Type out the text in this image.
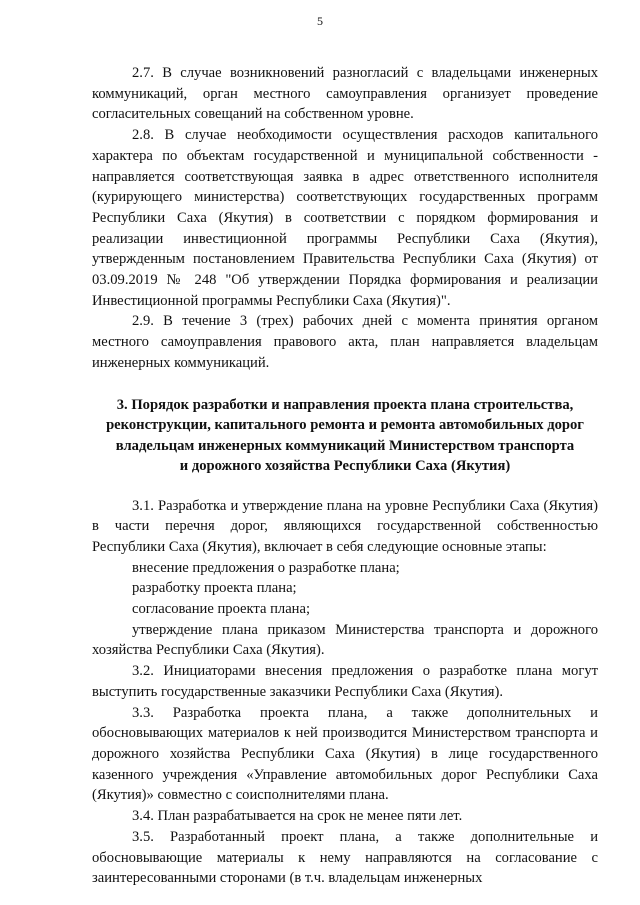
5

2.7. В случае возникновений разногласий с владельцами инженерных коммуникаций, орган местного самоуправления организует проведение согласительных совещаний на собственном уровне.

2.8. В случае необходимости осуществления расходов капитального характера по объектам государственной и муниципальной собственности - направляется соответствующая заявка в адрес ответственного исполнителя (курирующего министерства) соответствующих государственных программ Республики Саха (Якутия) в соответствии с порядком формирования и реализации инвестиционной программы Республики Саха (Якутия), утвержденным постановлением Правительства Республики Саха (Якутия) от 03.09.2019 № 248 "Об утверждении Порядка формирования и реализации Инвестиционной программы Республики Саха (Якутия)".

2.9. В течение 3 (трех) рабочих дней с момента принятия органом местного самоуправления правового акта, план направляется владельцам инженерных коммуникаций.

3. Порядок разработки и направления проекта плана строительства,
реконструкции, капитального ремонта и ремонта автомобильных дорог
владельцам инженерных коммуникаций Министерством транспорта
и дорожного хозяйства Республики Саха (Якутия)

3.1. Разработка и утверждение плана на уровне Республики Саха (Якутия) в части перечня дорог, являющихся государственной собственностью Республики Саха (Якутия), включает в себя следующие основные этапы:

внесение предложения о разработке плана;

разработку проекта плана;

согласование проекта плана;

утверждение плана приказом Министерства транспорта и дорожного хозяйства Республики Саха (Якутия).

3.2. Инициаторами внесения предложения о разработке плана могут выступить государственные заказчики Республики Саха (Якутия).

3.3. Разработка проекта плана, а также дополнительных и обосновывающих материалов к ней производится Министерством транспорта и дорожного хозяйства Республики Саха (Якутия) в лице государственного казенного учреждения «Управление автомобильных дорог Республики Саха (Якутия)» совместно с соисполнителями плана.

3.4. План разрабатывается на срок не менее пяти лет.

3.5. Разработанный проект плана, а также дополнительные и обосновывающие материалы к нему направляются на согласование с заинтересованными сторонами (в т.ч. владельцам инженерных
